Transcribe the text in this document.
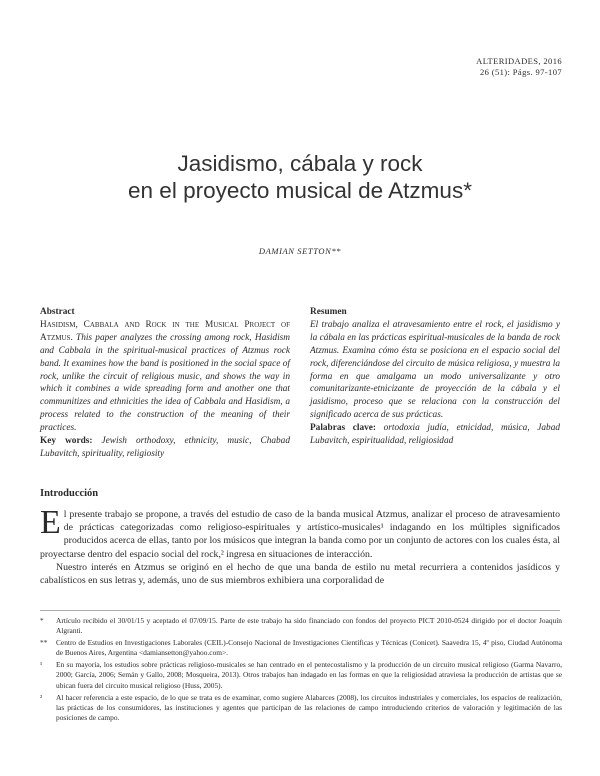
ALTERIDADES, 2016
26 (51): Págs. 97-107
Jasidismo, cábala y rock
en el proyecto musical de Atzmus*
DAMIAN SETTON**

Abstract

Hasidism, Cabbala and Rock in the Musical Project of Atzmus. This paper analyzes the crossing among rock, Hasidism and Cabbala in the spiritual-musical practices of Atzmus rock band. It examines how the band is positioned in the social space of rock, unlike the circuit of religious music, and shows the way in which it combines a wide spreading form and another one that communitizes and ethnicities the idea of Cabbala and Hasidism, a process related to the construction of the meaning of their practices.

Key words: Jewish orthodoxy, ethnicity, music, Chabad Lubavitch, spirituality, religiosity

Resumen

El trabajo analiza el atravesamiento entre el rock, el jasidismo y la cábala en las prácticas espiritual-musicales de la banda de rock Atzmus. Examina cómo ésta se posiciona en el espacio social del rock, diferenciándose del circuito de música religiosa, y muestra la forma en que amalgama un modo universalizante y otro comunitarizante-etnicizante de proyección de la cábala y el jasidismo, proceso que se relaciona con la construcción del significado acerca de sus prácticas.

Palabras clave: ortodoxia judía, etnicidad, música, Jabad Lubavitch, espiritualidad, religiosidad

Introducción

El presente trabajo se propone, a través del estudio de caso de la banda musical Atzmus, analizar el proceso de atravesamiento de prácticas categorizadas como religioso-espirituales y artístico-musicales¹ indagando en los múltiples significados producidos acerca de ellas, tanto por los músicos que integran la banda como por un conjunto de actores con los cuales ésta, al proyectarse dentro del espacio social del rock,² ingresa en situaciones de interacción.

Nuestro interés en Atzmus se originó en el hecho de que una banda de estilo nu metal recurriera a contenidos jasídicos y cabalísticos en sus letras y, además, uno de sus miembros exhibiera una corporalidad de

* Artículo recibido el 30/01/15 y aceptado el 07/09/15. Parte de este trabajo ha sido financiado con fondos del proyecto PICT 2010-0524 dirigido por el doctor Joaquín Algranti.

** Centro de Estudios en Investigaciones Laborales (CEIL)-Consejo Nacional de Investigaciones Científicas y Técnicas (Conicet). Saavedra 15, 4º piso, Ciudad Autónoma de Buenos Aires, Argentina <damiansetton@yahoo.com>.

¹ En su mayoría, los estudios sobre prácticas religioso-musicales se han centrado en el pentecostalismo y la producción de un circuito musical religioso (Garma Navarro, 2000; García, 2006; Semán y Gallo, 2008; Mosqueira, 2013). Otros trabajos han indagado en las formas en que la religiosidad atraviesa la producción de artistas que se ubican fuera del circuito musical religioso (Huss, 2005).

² Al hacer referencia a este espacio, de lo que se trata es de examinar, como sugiere Alabarces (2008), los circuitos industriales y comerciales, los espacios de realización, las prácticas de los consumidores, las instituciones y agentes que participan de las relaciones de campo introduciendo criterios de valoración y legitimación de las posiciones de campo.
